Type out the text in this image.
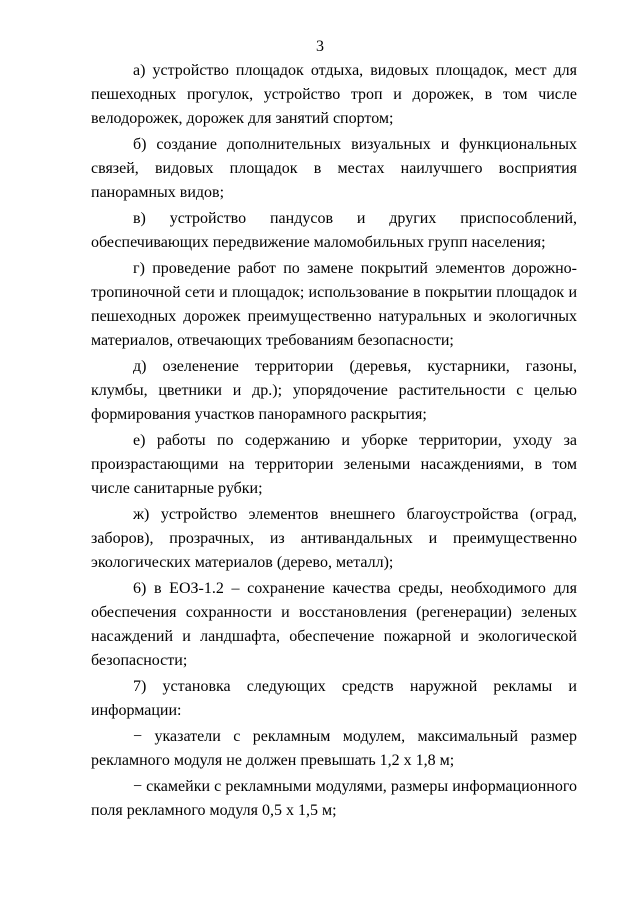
3

а) устройство площадок отдыха, видовых площадок, мест для пешеходных прогулок, устройство троп и дорожек, в том числе велодорожек, дорожек для занятий спортом;

б) создание дополнительных визуальных и функциональных связей, видовых площадок в местах наилучшего восприятия панорамных видов;

в) устройство пандусов и других приспособлений, обеспечивающих передвижение маломобильных групп населения;

г) проведение работ по замене покрытий элементов дорожно-тропиночной сети и площадок; использование в покрытии площадок и пешеходных дорожек преимущественно натуральных и экологичных материалов, отвечающих требованиям безопасности;

д) озеленение территории (деревья, кустарники, газоны, клумбы, цветники и др.); упорядочение растительности с целью формирования участков панорамного раскрытия;

е) работы по содержанию и уборке территории, уходу за произрастающими на территории зелеными насаждениями, в том числе санитарные рубки;

ж) устройство элементов внешнего благоустройства (оград, заборов), прозрачных, из антивандальных и преимущественно экологических материалов (дерево, металл);

6) в ЕОЗ-1.2 – сохранение качества среды, необходимого для обеспечения сохранности и восстановления (регенерации) зеленых насаждений и ландшафта, обеспечение пожарной и экологической безопасности;

7) установка следующих средств наружной рекламы и информации:

− указатели с рекламным модулем, максимальный размер рекламного модуля не должен превышать 1,2 х 1,8 м;

− скамейки с рекламными модулями, размеры информационного поля рекламного модуля 0,5 х 1,5 м;
